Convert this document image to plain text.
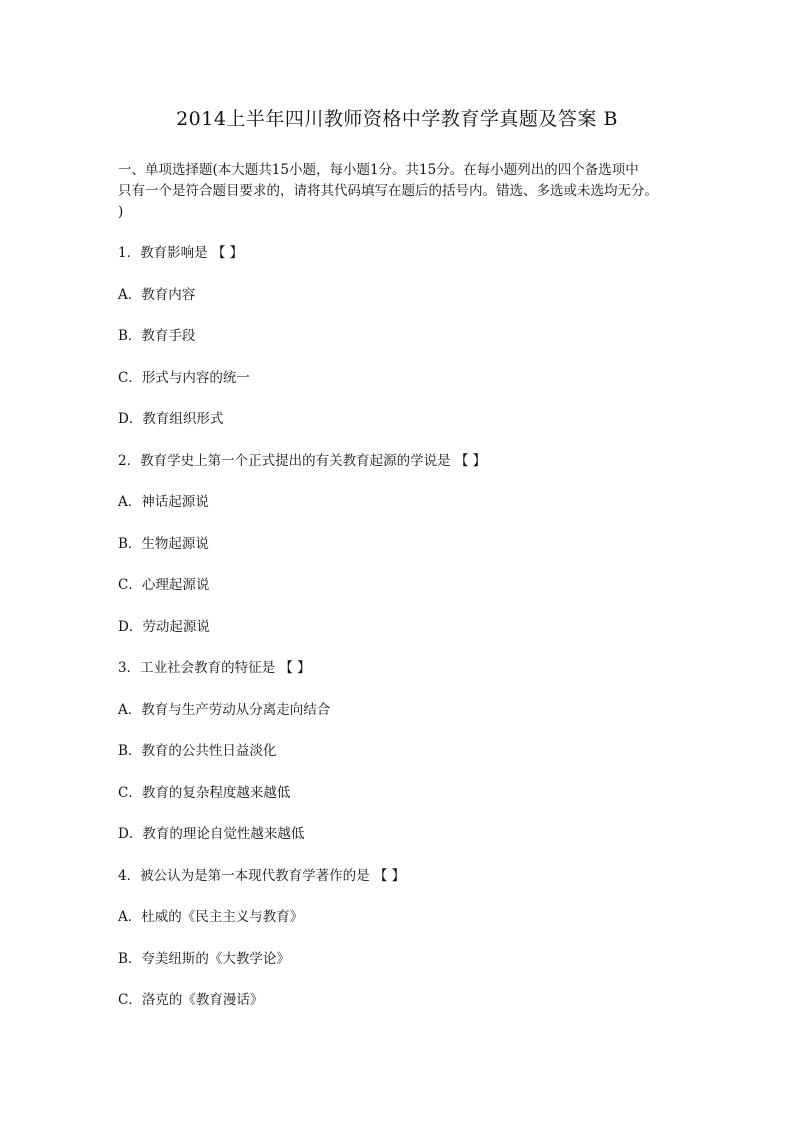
2014上半年四川教师资格中学教育学真题及答案 B
一、单项选择题(本大题共15小题，每小题1分。共15分。在每小题列出的四个备选项中
只有一个是符合题目要求的，请将其代码填写在题后的括号内。错选、多选或未选均无分。
)
1．教育影响是 【 】
A．教育内容
B．教育手段
C．形式与内容的统一
D．教育组织形式
2．教育学史上第一个正式提出的有关教育起源的学说是 【 】
A．神话起源说
B．生物起源说
C．心理起源说
D．劳动起源说
3．工业社会教育的特征是 【 】
A．教育与生产劳动从分离走向结合
B．教育的公共性日益淡化
C．教育的复杂程度越来越低
D．教育的理论自觉性越来越低
4．被公认为是第一本现代教育学著作的是 【 】
A．杜威的《民主主义与教育》
B．夸美纽斯的《大教学论》
C．洛克的《教育漫话》
